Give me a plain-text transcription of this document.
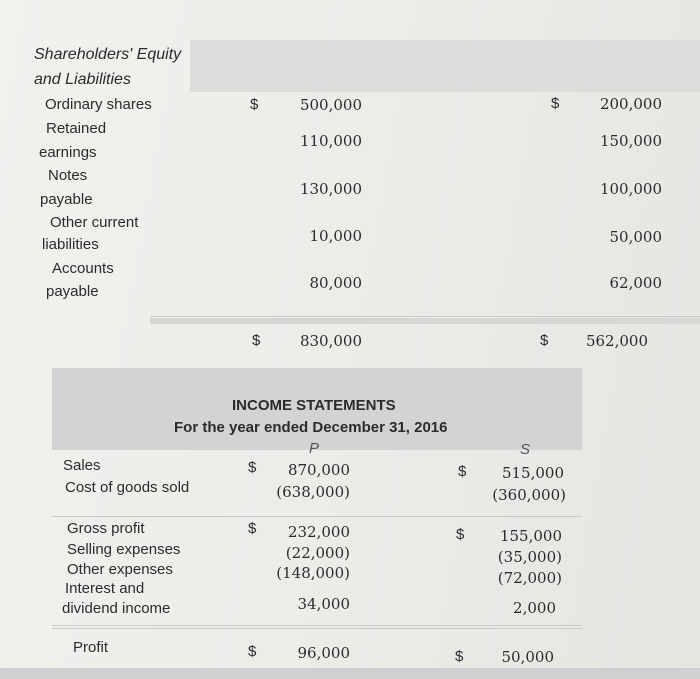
Shareholders' Equity
and Liabilities
Ordinary shares	$	500,000	$	200,000
Retained
earnings
110,000	150,000
Notes
payable
130,000	100,000
Other current
liabilities	10,000	50,000
Accounts
payable	80,000	62,000
$	830,000	$	562,000
INCOME STATEMENTS
For the year ended December 31, 2016
P	S
Sales	$	870,000	$	515,000
Cost of goods sold	(638,000)	(360,000)
Gross profit	$	232,000	$	155,000
Selling expenses	(22,000)	(35,000)
Other expenses	(148,000)	(72,000)
Interest and
dividend income	34,000	2,000
Profit	$	96,000	$	50,000
